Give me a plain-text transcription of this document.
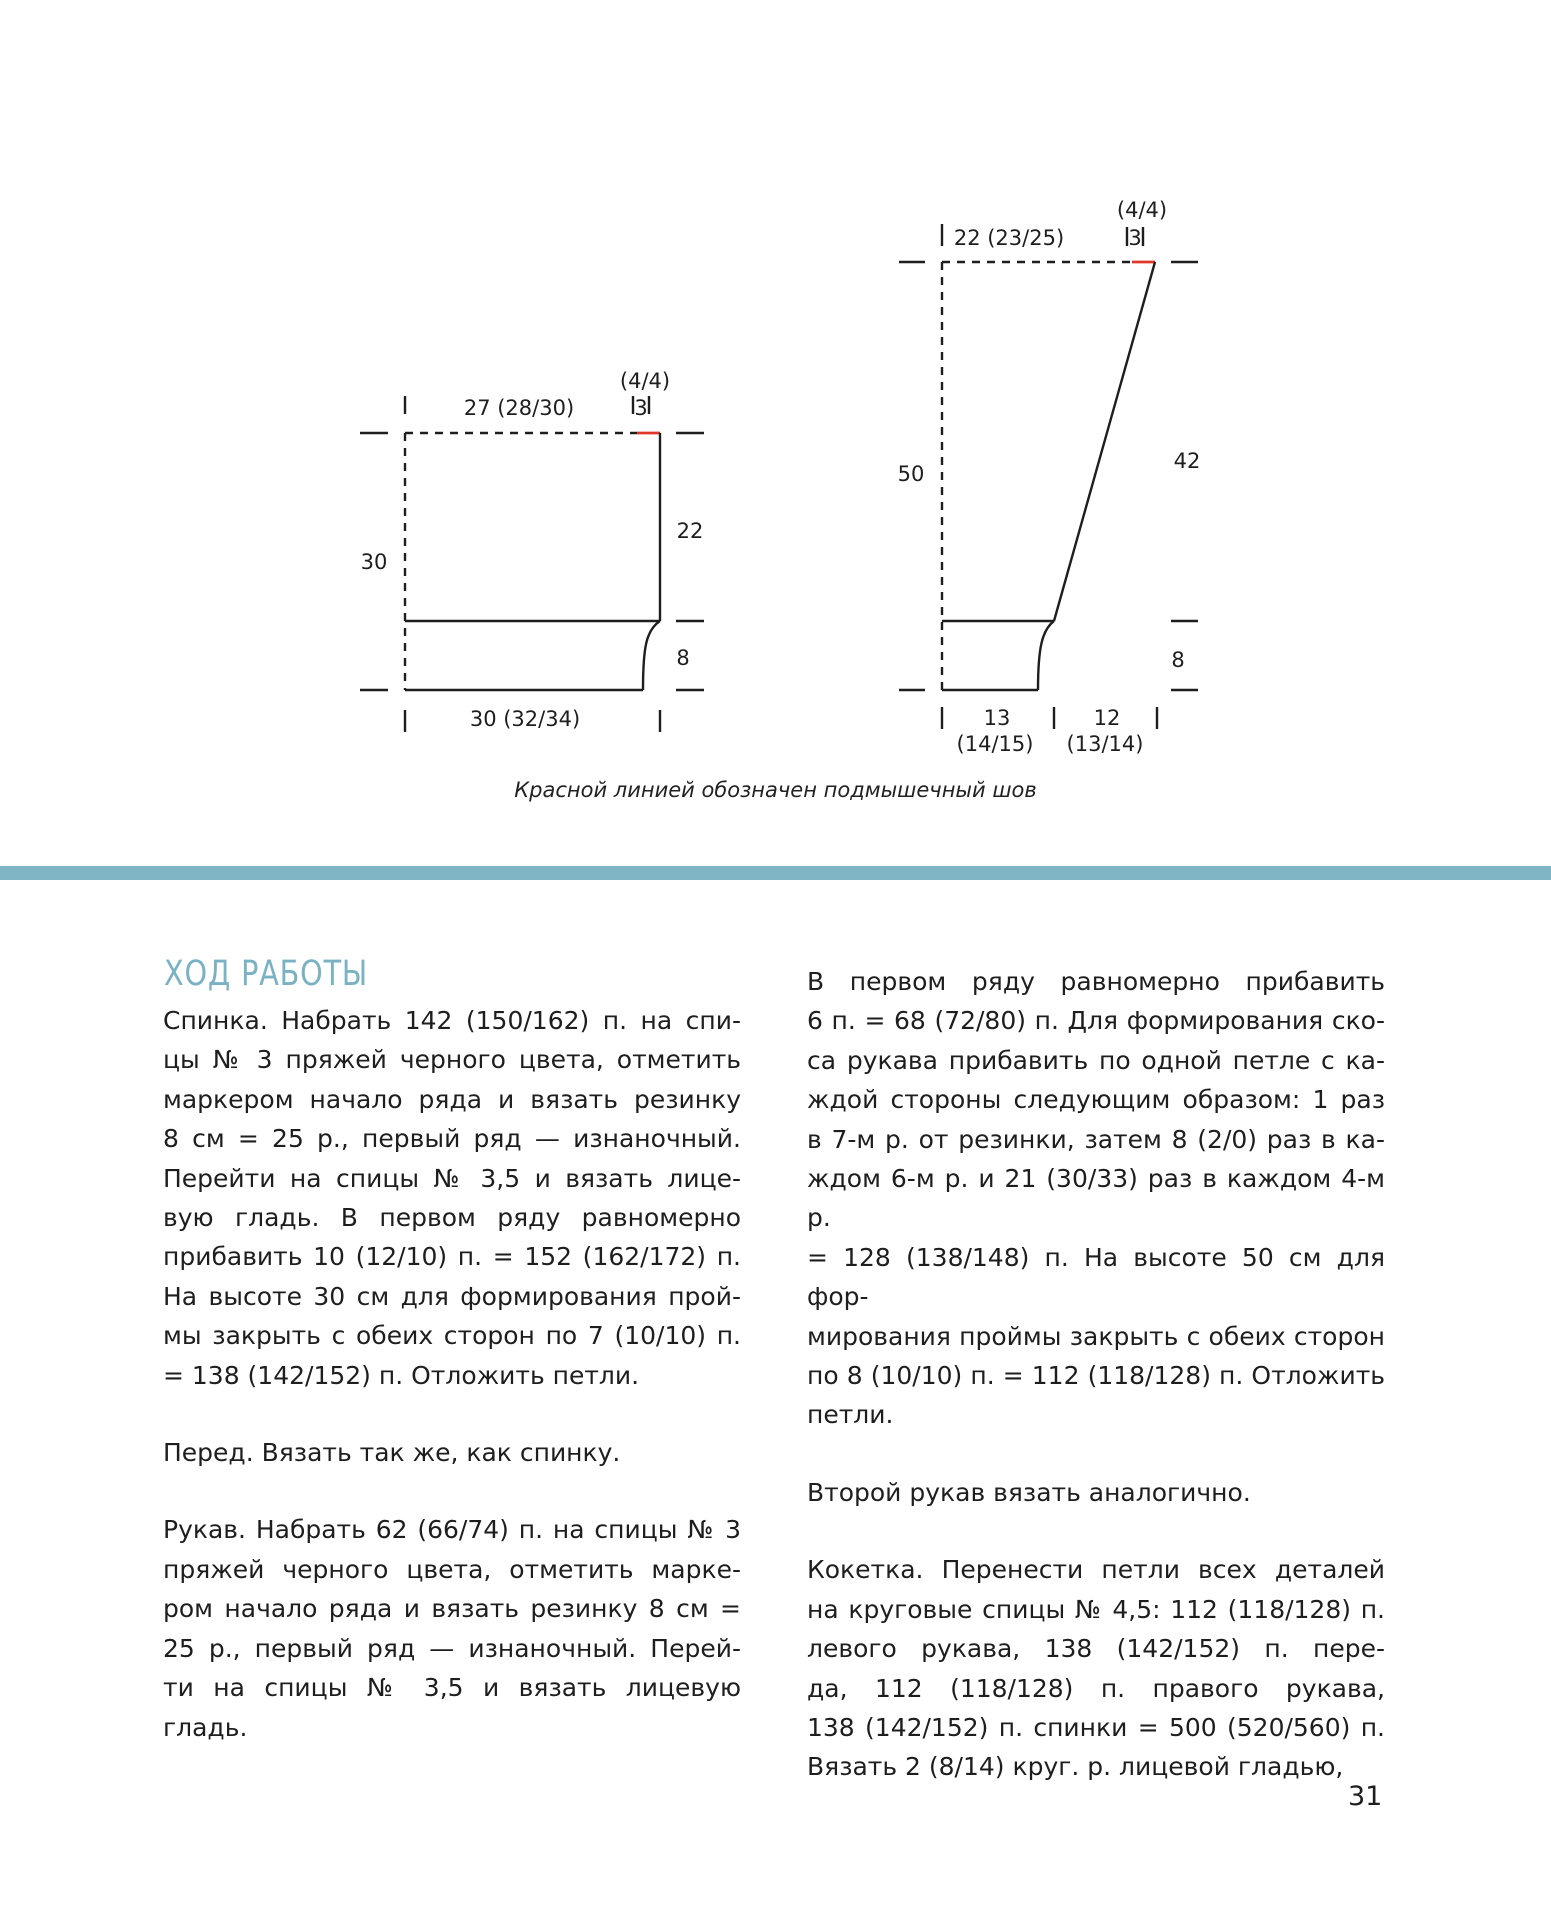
27 (28/30)
(4/4)
3
30
22
8
30 (32/34)
22 (23/25)
(4/4)
3
50
42
8
13
(14/15)
12
(13/14)
Красной линией обозначен подмышечный шов
ХОД РАБОТЫ

Спинка. Набрать 142 (150/162) п. на спи-
цы № 3 пряжей черного цвета, отметить
маркером начало ряда и вязать резинку
8 см = 25 р., первый ряд — изнаночный.
Перейти на спицы № 3,5 и вязать лице-
вую гладь. В первом ряду равномерно
прибавить 10 (12/10) п. = 152 (162/172) п.
На высоте 30 см для формирования прой-
мы закрыть с обеих сторон по 7 (10/10) п.
= 138 (142/152) п. Отложить петли.

Перед. Вязать так же, как спинку.

Рукав. Набрать 62 (66/74) п. на спицы № 3
пряжей черного цвета, отметить марке-
ром начало ряда и вязать резинку 8 см =
25 р., первый ряд — изнаночный. Перей-
ти на спицы № 3,5 и вязать лицевую гладь.

В первом ряду равномерно прибавить
6 п. = 68 (72/80) п. Для формирования ско-
са рукава прибавить по одной петле с ка-
ждой стороны следующим образом: 1 раз
в 7-м р. от резинки, затем 8 (2/0) раз в ка-
ждом 6-м р. и 21 (30/33) раз в каждом 4-м р.
= 128 (138/148) п. На высоте 50 см для фор-
мирования проймы закрыть с обеих сторон
по 8 (10/10) п. = 112 (118/128) п. Отложить
петли.

Второй рукав вязать аналогично.

Кокетка. Перенести петли всех деталей
на круговые спицы № 4,5: 112 (118/128) п.
левого рукава, 138 (142/152) п. пере-
да, 112 (118/128) п. правого рукава,
138 (142/152) п. спинки = 500 (520/560) п.
Вязать 2 (8/14) круг. р. лицевой гладью,

31
